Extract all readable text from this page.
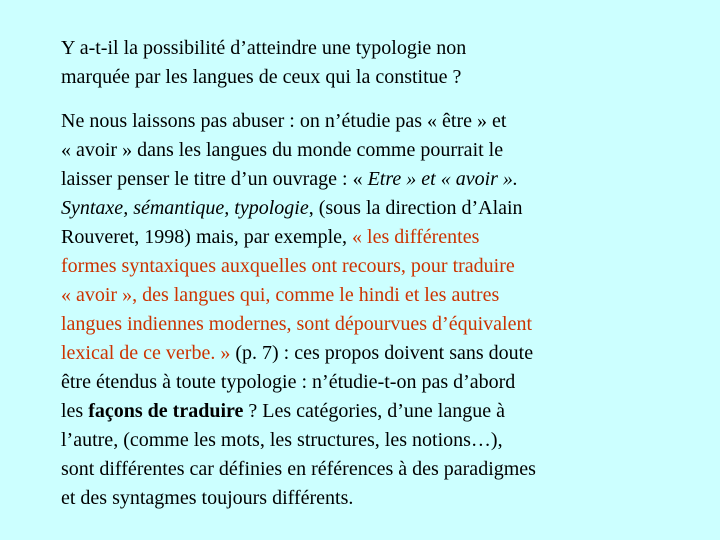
Y a-t-il la possibilité d’atteindre une typologie non
marquée par les langues de ceux qui la constitue ?

Ne nous laissons pas abuser : on n’étudie pas « être » et
« avoir » dans les langues du monde comme pourrait le
laisser penser le titre d’un ouvrage : « Etre » et « avoir ».
Syntaxe, sémantique, typologie, (sous la direction d’Alain
Rouveret, 1998) mais, par exemple, « les différentes
formes syntaxiques auxquelles ont recours, pour traduire
« avoir », des langues qui, comme le hindi et les autres
langues indiennes modernes, sont dépourvues d’équivalent
lexical de ce verbe. » (p. 7) : ces propos doivent sans doute
être étendus à toute typologie : n’étudie-t-on pas d’abord
les façons de traduire ? Les catégories, d’une langue à
l’autre, (comme les mots, les structures, les notions…),
sont différentes car définies en références à des paradigmes
et des syntagmes toujours différents.
